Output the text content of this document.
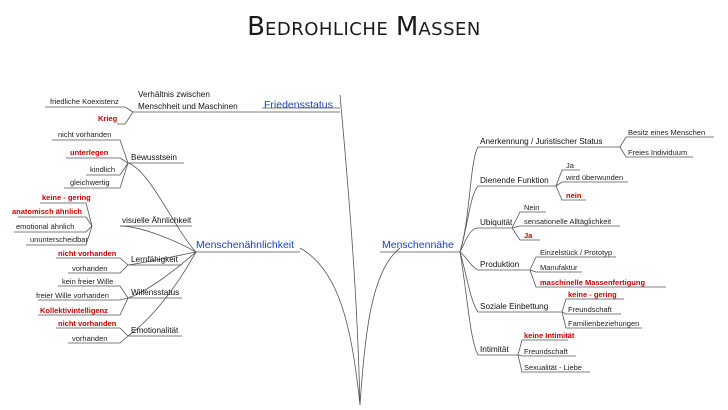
BEDROHLICHE MASSEN
Friedensstatus
Verhältnis zwischen
Menschheit und Maschinen
friedliche Koexistenz
Krieg
Menschenähnlichkeit
Bewusstsein
nicht vorhanden
unterlegen
kindlich
gleichwertig
visuelle Ähnlichkeit
keine - gering
anatomisch ähnlich
emotional ähnlich
ununterscheidbar
Lernfähigkeit
nicht vorhanden
vorhanden
Willensstatus
kein freier Wille
freier Wille vorhanden
Kollektivintelligenz
Emotionalität
nicht vorhanden
vorhanden
Menschennähe
Anerkennung / Juristischer Status
Besitz eines Menschen
Freies Individuum
Dienende Funktion
Ja
wird überwunden
nein
Ubiquität
Nein
sensationelle Alltäglichkeit
Ja
Produktion
Einzelstück / Prototyp
Manufaktur
maschinelle Massenfertigung
Soziale Einbettung
keine - gering
Freundschaft
Familienbeziehungen
Intimität
keine Intimität
Freundschaft
Sexualität - Liebe
